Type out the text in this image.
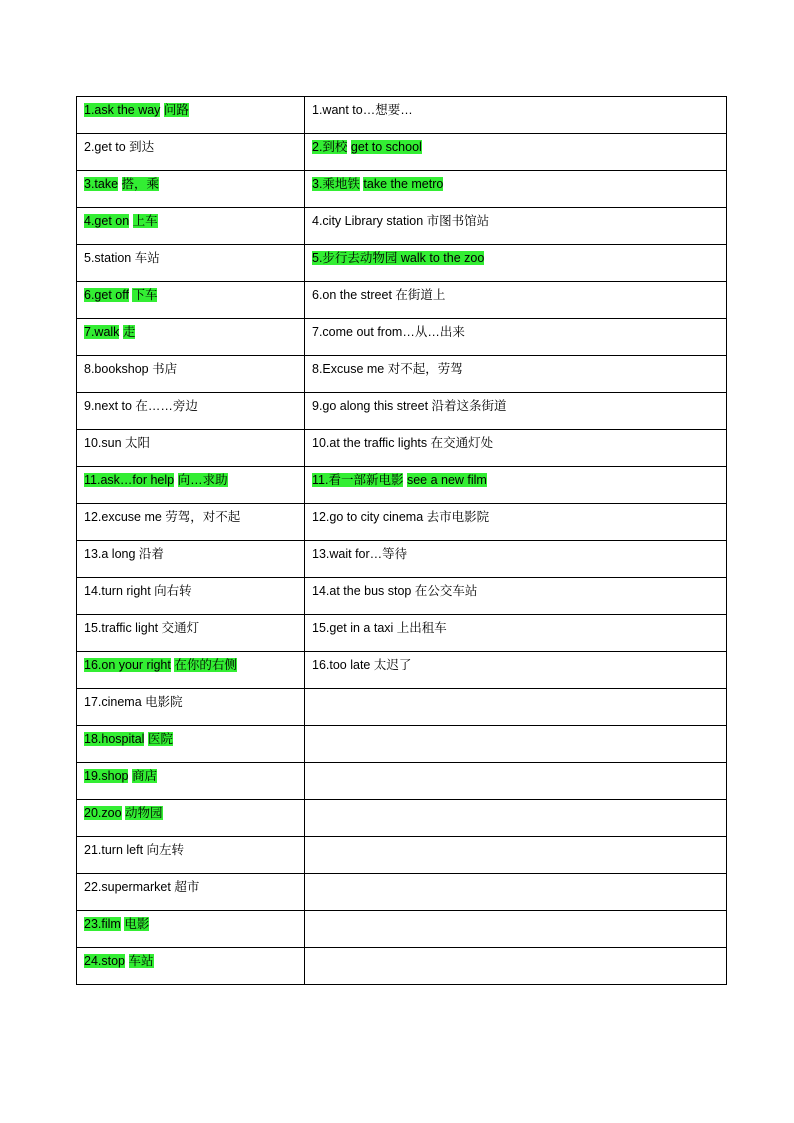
1.ask the way 问路	1.want to…想要…

2.get to 到达	2.到校 get to school

3.take 搭，乘	3.乘地铁 take the metro

4.get on 上车	4.city Library station 市图书馆站

5.station 车站	5.步行去动物园 walk to the zoo

6.get off 下车	6.on the street 在街道上

7.walk 走	7.come out from…从…出来

8.bookshop 书店	8.Excuse me 对不起，劳驾

9.next to 在……旁边	9.go along this street 沿着这条街道

10.sun 太阳	10.at the traffic lights 在交通灯处

11.ask…for help 向…求助	11.看一部新电影 see a new film

12.excuse me 劳驾，对不起	12.go to city cinema 去市电影院

13.a long 沿着	13.wait for…等待

14.turn right 向右转	14.at the bus stop 在公交车站

15.traffic light 交通灯	15.get in a taxi 上出租车

16.on your right 在你的右侧	16.too late 太迟了

17.cinema 电影院	

18.hospital 医院	

19.shop 商店	

20.zoo 动物园	

21.turn left 向左转	

22.supermarket 超市	

23.film 电影	

24.stop 车站	
